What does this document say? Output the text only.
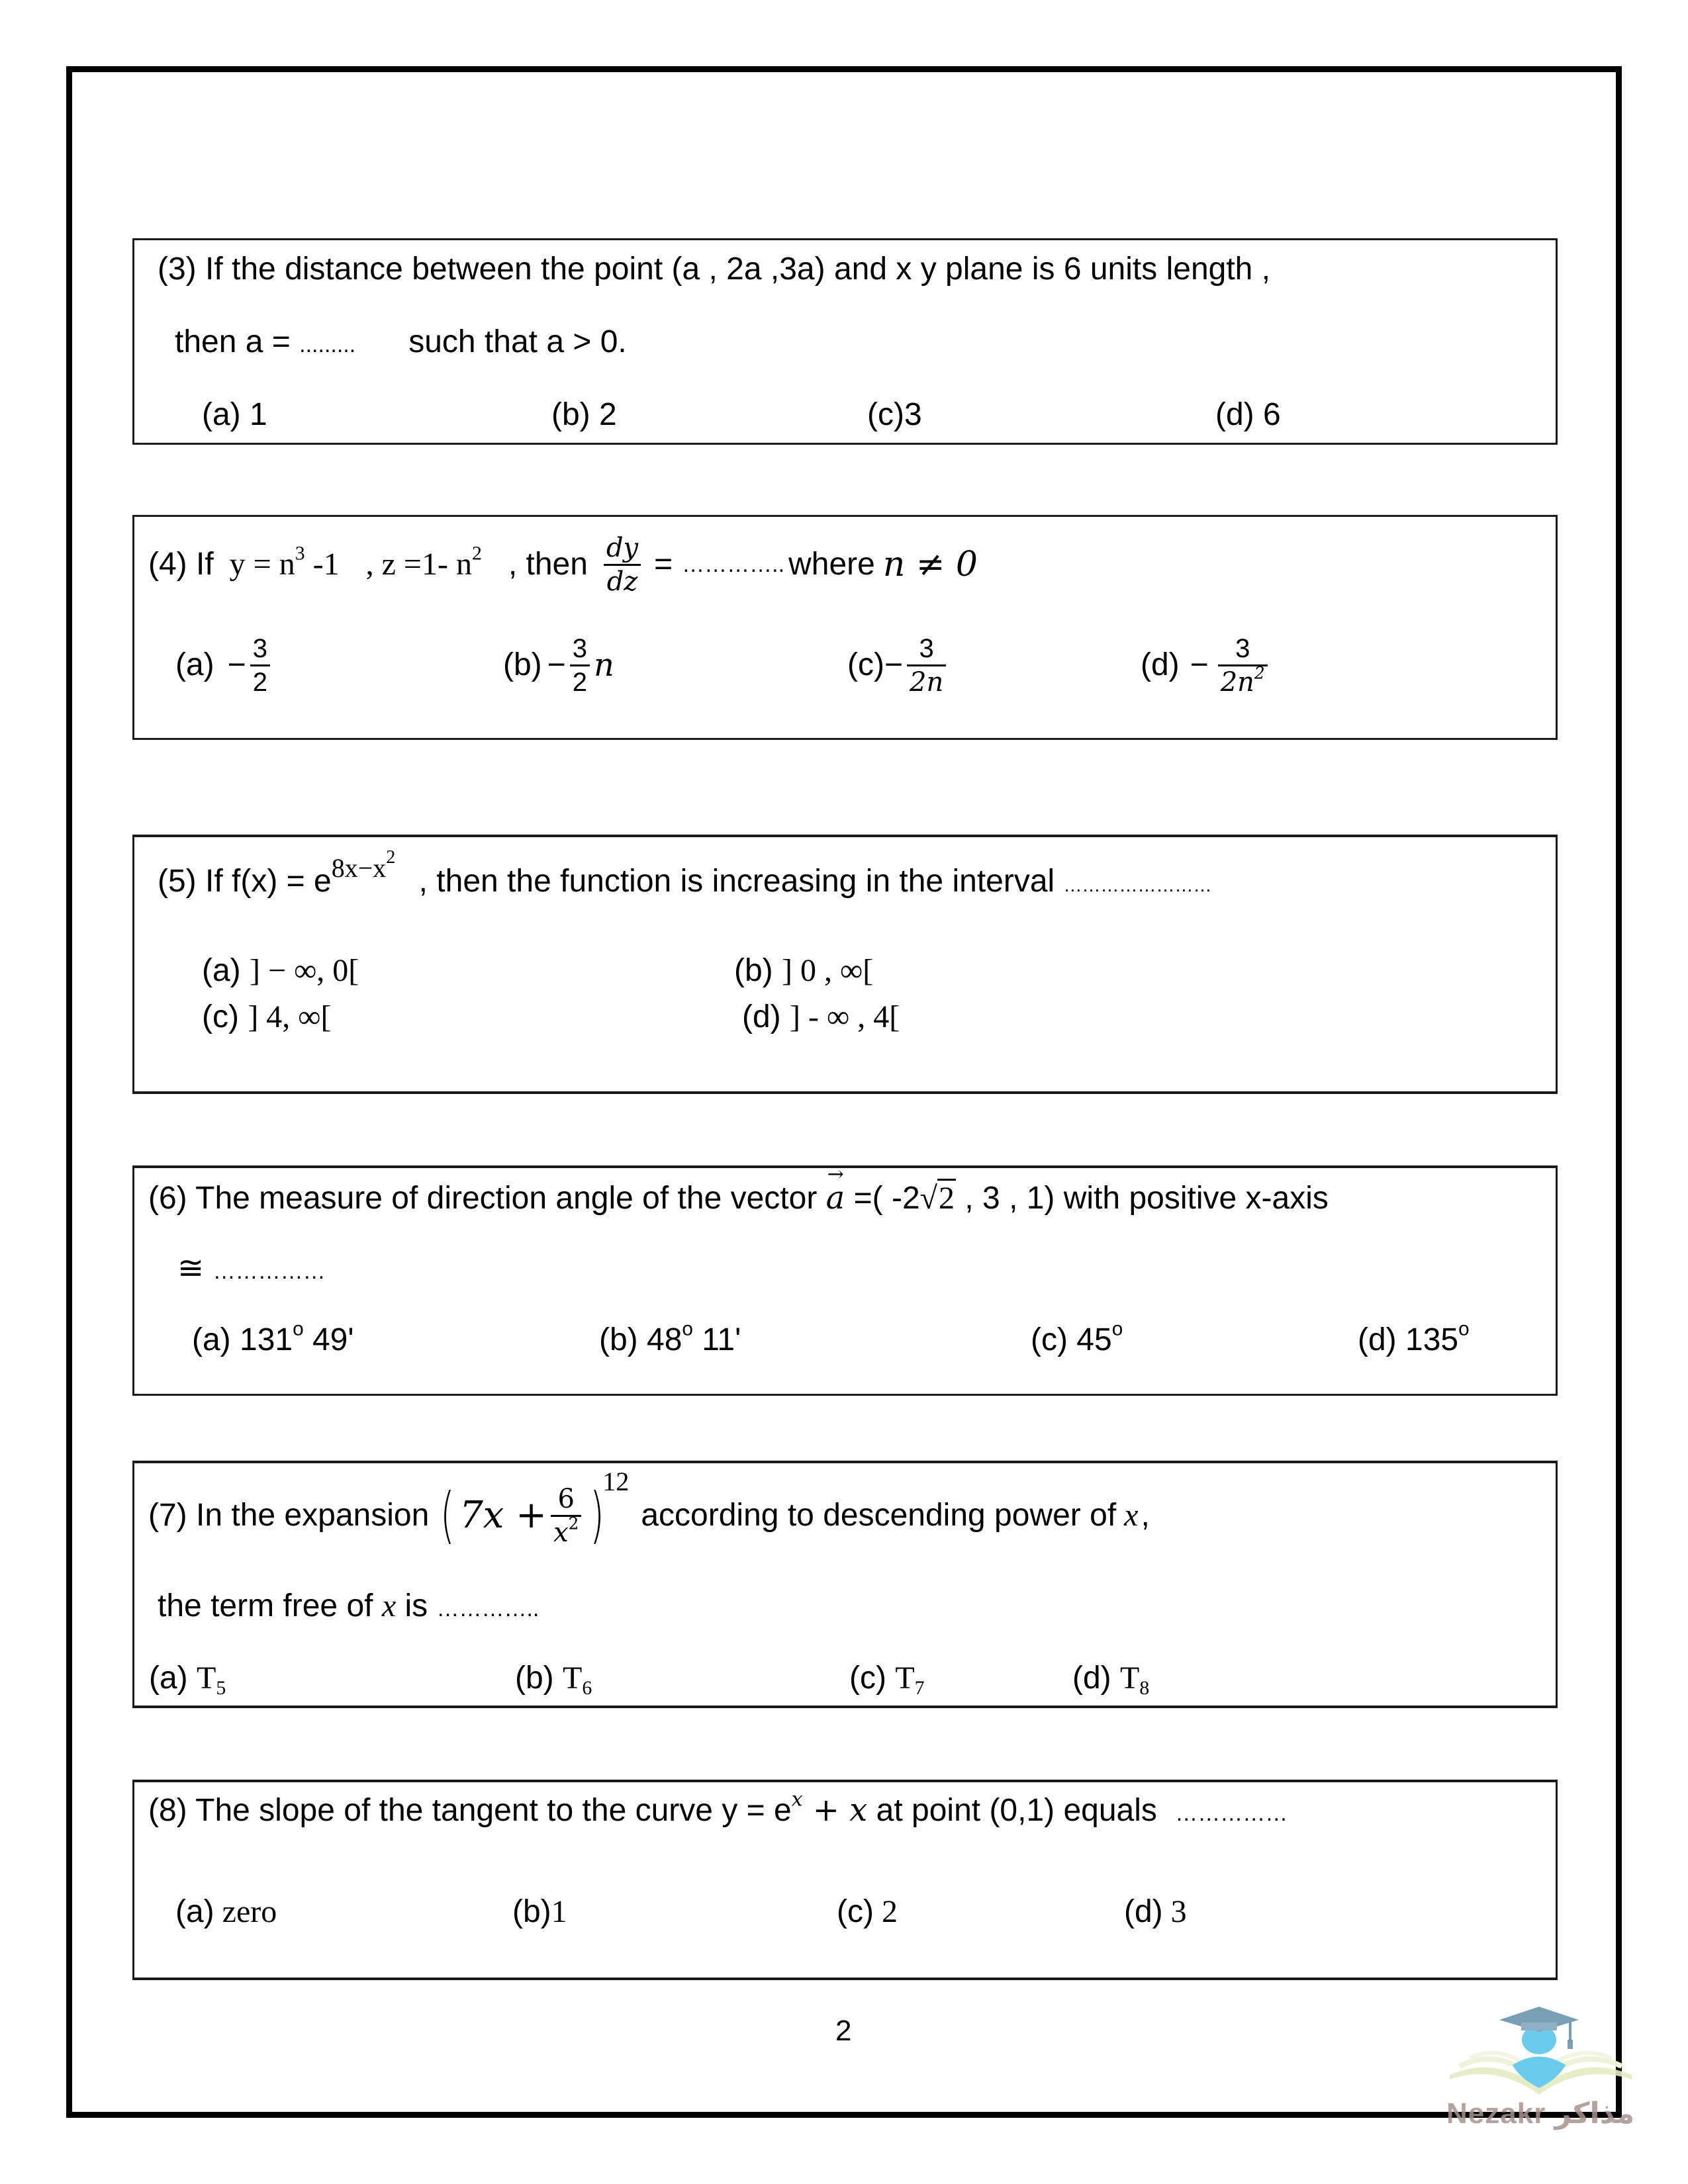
(3) If the distance between the point (a , 2a ,3a) and x y plane is 6 units length ,
then a = ......... such that a > 0.
(a) 1	(b) 2	(c)3	(d) 6
(4) If $y = n^3$ -1 , z =1- $n^2$ , then $\frac{dy}{dz}$ = ………….. where n ≠ 0
$(a) - \frac{3}{2}$	$(b) - \frac{3}{2}$ n	$(c) - \frac{3}{2n}$	$(d) - \frac{3}{2n^2}$
(5) If $f(x) = e^{8x-x^2}$ , then the function is increasing in the interval ……………………
(a) ] − ∞, 0[	(b) ] 0 , ∞[
(c) ] 4, ∞[	(d) ] - ∞ , 4[
(6) The measure of direction angle of the vector → a =( -2√2 , 3 , 1) with positive x-axis
≅ ……………
(a) 131$^o$ 49'	(b) 48$^o$ 11'	(c) 45$^o$	(d) 135$^o$
(7) In the expansion ( $7x + \frac{6}{x^2}$ )
12
according to descending power of x ,
the term free of x is …………..
(a) $T_5$	(b) $T_6$	(c) $T_7$	(d) $T_8$
(8) The slope of the tangent to the curve $y = e^x + x$ at point (0,1) equals ……………
(a) zero	(b)1	(c) 2	(d) 3
2
Nezakr مذاكر
